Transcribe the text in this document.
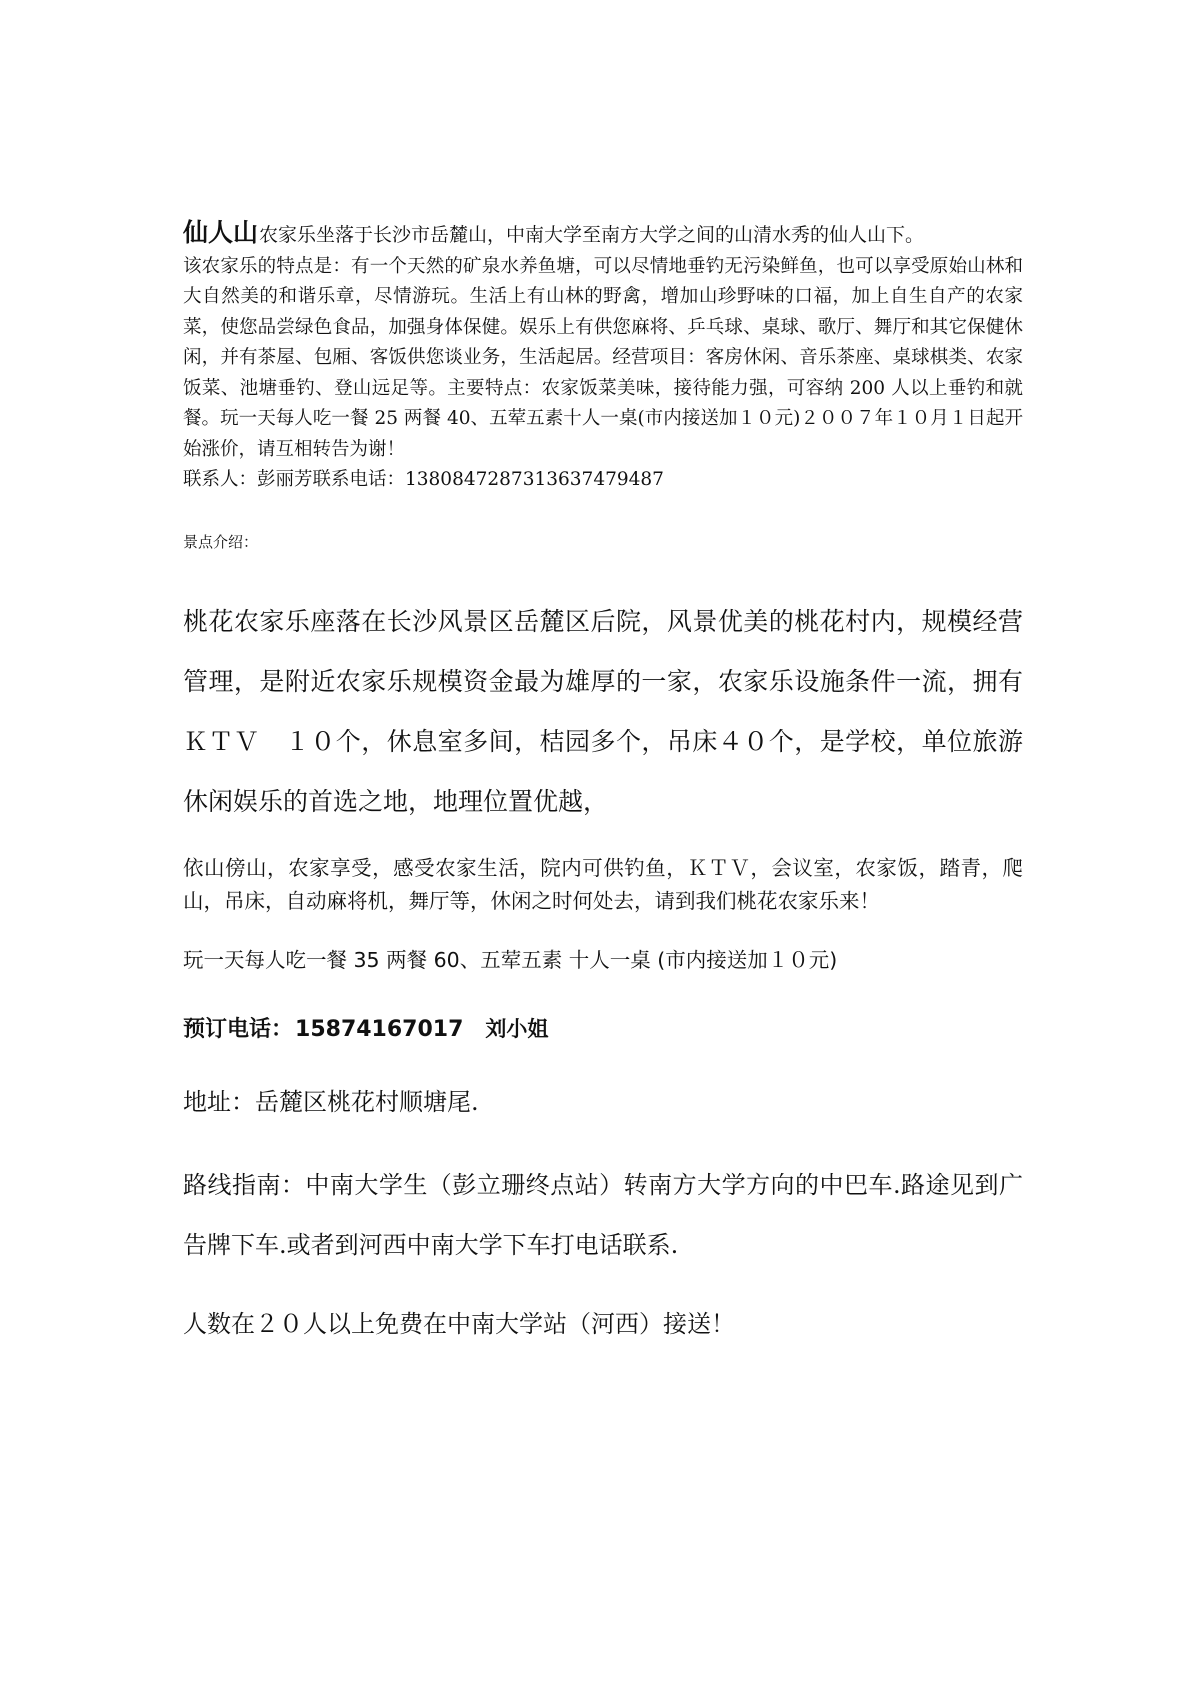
仙人山农家乐坐落于长沙市岳麓山，中南大学至南方大学之间的山清水秀的仙人山下。
该农家乐的特点是：有一个天然的矿泉水养鱼塘，可以尽情地垂钓无污染鲜鱼，也可以享受原始山林和大自然美的和谐乐章，尽情游玩。生活上有山林的野禽，增加山珍野味的口福，加上自生自产的农家菜，使您品尝绿色食品，加强身体保健。娱乐上有供您麻将、乒乓球、桌球、歌厅、舞厅和其它保健休闲，并有茶屋、包厢、客饭供您谈业务，生活起居。经营项目：客房休闲、音乐茶座、桌球棋类、农家饭菜、池塘垂钓、登山远足等。主要特点：农家饭菜美味，接待能力强，可容纳 200 人以上垂钓和就餐。玩一天每人吃一餐 25 两餐 40、五荤五素十人一桌(市内接送加１０元)２００７年１０月１日起开始涨价，请互相转告为谢！
联系人：彭丽芳联系电话：13808472873​13637479487

景点介绍：

桃花农家乐座落在长沙风景区岳麓区后院，风景优美的桃花村内，规模经营管理，是附近农家乐规模资金最为雄厚的一家，农家乐设施条件一流，拥有ＫＴＶ　１０个，休息室多间，桔园多个，吊床４０个，是学校，单位旅游休闲娱乐的首选之地，地理位置优越，

依山傍山，农家享受，感受农家生活，院内可供钓鱼，ＫＴＶ，会议室，农家饭，踏青，爬山，吊床，自动麻将机，舞厅等，休闲之时何处去，请到我们桃花农家乐来！

玩一天每人吃一餐 35 两餐 60、五荤五素 十人一桌 (市内接送加１０元)

预订电话：15874167017 刘小姐

地址：岳麓区桃花村顺塘尾.

路线指南：中南大学生（彭立珊终点站）转南方大学方向的中巴车.路途见到广告牌下车.或者到河西中南大学下车打电话联系.

人数在２０人以上免费在中南大学站（河西）接送！
